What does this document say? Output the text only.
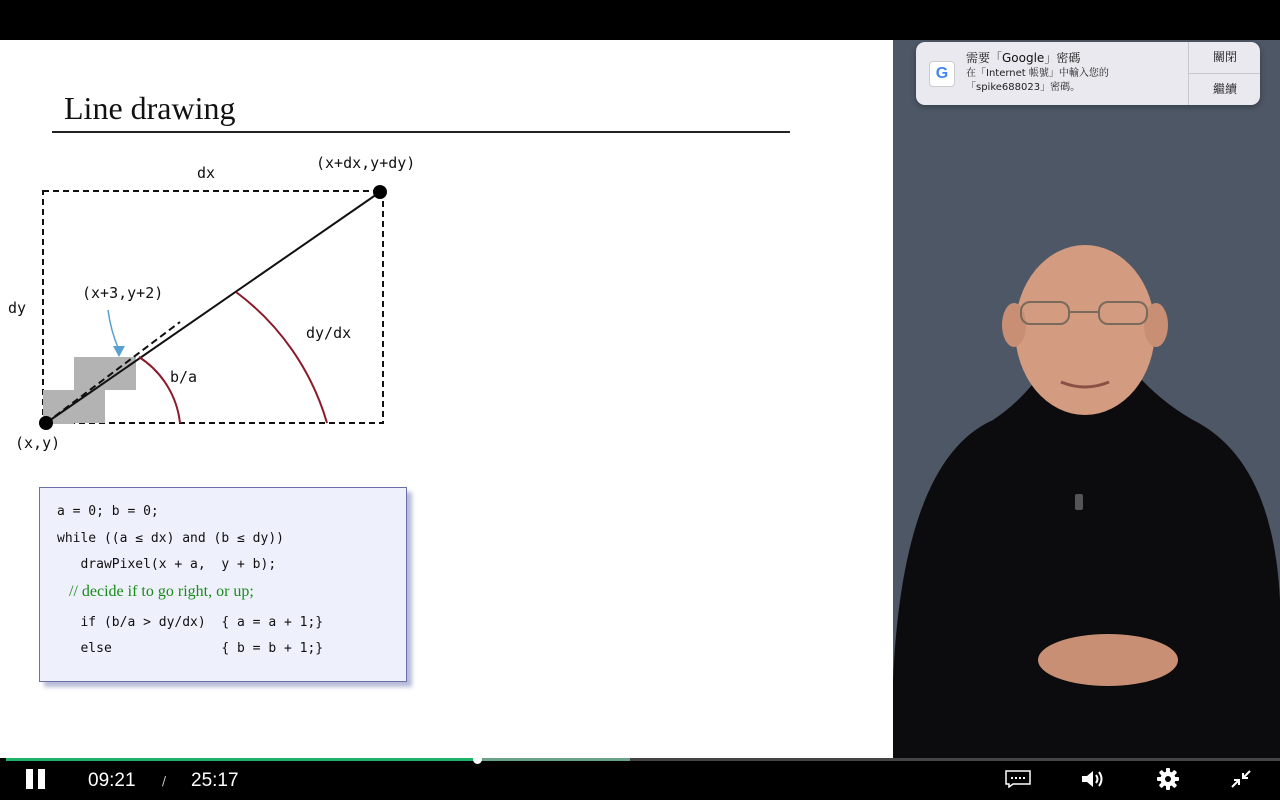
Line drawing
dx
dy
(x+dx,y+dy)
(x,y)
(x+3,y+2)
dy/dx
b/a
a = 0; b = 0;
while ((a ≤ dx) and (b ≤ dy))
drawPixel(x + a,  y + b);
// decide if to go right, or up;
if (b/a > dy/dx)  { a = a + 1;}
else              { b = b + 1;}
G
需要「Google」密碼
在「Internet 帳號」中輸入您的「spike688023」密碼。
關閉
繼續
09:21 / 25:17
